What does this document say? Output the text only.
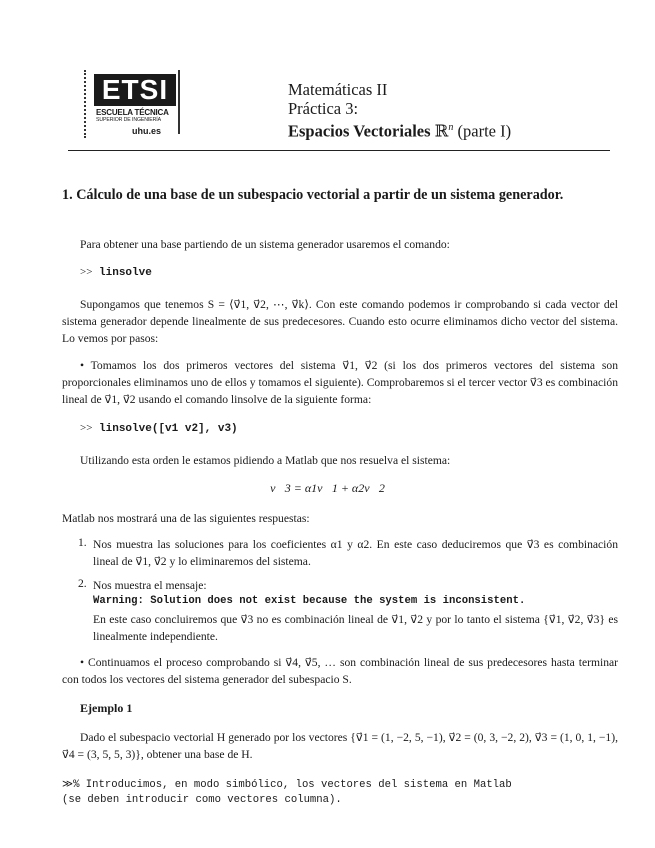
ETSI
ESCUELA TÉCNICA
SUPERIOR DE INGENIERÍA
uhu.es
Matemáticas II
Práctica 3:
Espacios Vectoriales ℝ$^n$ (parte I)
1. Cálculo de una base de un subespacio vectorial a partir de un sistema generador.
Para obtener una base partiendo de un sistema generador usaremos el comando:
>> linsolve
Supongamos que tenemos S = ⟨v⃗1, v⃗2, ⋯, v⃗k⟩. Con este comando podemos ir comprobando si cada vector del sistema generador depende linealmente de sus predecesores. Cuando esto ocurre eliminamos dicho vector del sistema. Lo vemos por pasos:
• Tomamos los dos primeros vectores del sistema v⃗1, v⃗2 (si los dos primeros vectores del sistema son proporcionales eliminamos uno de ellos y tomamos el siguiente). Comprobaremos si el tercer vector v⃗3 es combinación lineal de v⃗1, v⃗2 usando el comando linsolve de la siguiente forma:
>> linsolve([v1 v2], v3)
Utilizando esta orden le estamos pidiendo a Matlab que nos resuelva el sistema:
v⃗3 = α1v⃗1 + α2v⃗2
Matlab nos mostrará una de las siguientes respuestas:
1. Nos muestra las soluciones para los coeficientes α1 y α2. En este caso deduciremos que v⃗3 es combinación lineal de v⃗1, v⃗2 y lo eliminaremos del sistema.
2. Nos muestra el mensaje:
Warning: Solution does not exist because the system is inconsistent.
En este caso concluiremos que v⃗3 no es combinación lineal de v⃗1, v⃗2 y por lo tanto el sistema {v⃗1, v⃗2, v⃗3} es linealmente independiente.
• Continuamos el proceso comprobando si v⃗4, v⃗5, … son combinación lineal de sus predecesores hasta terminar con todos los vectores del sistema generador del subespacio S.
Ejemplo 1
Dado el subespacio vectorial H generado por los vectores {v⃗1 = (1, −2, 5, −1), v⃗2 = (0, 3, −2, 2), v⃗3 = (1, 0, 1, −1), v⃗4 = (3, 5, 5, 3)}, obtener una base de H.
≫% Introducimos, en modo simbólico, los vectores del sistema en Matlab
(se deben introducir como vectores columna).
